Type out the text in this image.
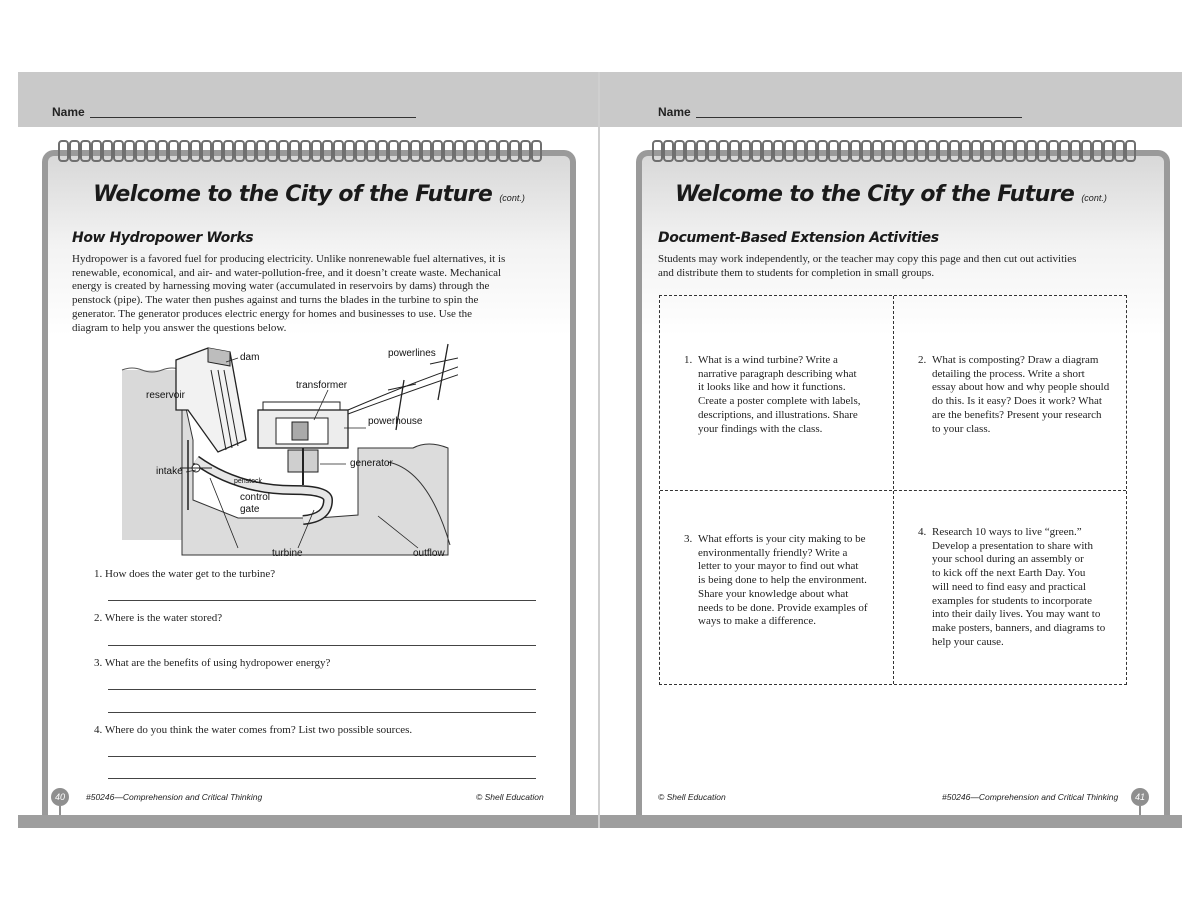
Name
Welcome to the City of the Future (cont.)
How Hydropower Works
Hydropower is a favored fuel for producing electricity. Unlike nonrenewable fuel alternatives, it is
renewable, economical, and air- and water-pollution-free, and it doesn’t create waste. Mechanical
energy is created by harnessing moving water (accumulated in reservoirs by dams) through the
penstock (pipe). The water then pushes against and turns the blades in the turbine to spin the
generator. The generator produces electric energy for homes and businesses to use. Use the
diagram to help you answer the questions below.
dam	powerlines
transformer
reservoir
powerhouse
generator
intake
penstock
control
gate
turbine	outflow
1. How does the water get to the turbine?
2. Where is the water stored?
3. What are the benefits of using hydropower energy?
4. Where do you think the water comes from? List two possible sources.
40	#50246—Comprehension and Critical Thinking	© Shell Education
Name
Welcome to the City of the Future (cont.)
Document-Based Extension Activities
Students may work independently, or the teacher may copy this page and then cut out activities
and distribute them to students for completion in small groups.
1. What is a wind turbine? Write a
narrative paragraph describing what
it looks like and how it functions.
Create a poster complete with labels,
descriptions, and illustrations. Share
your findings with the class.
2. What is composting? Draw a diagram
detailing the process. Write a short
essay about how and why people should
do this. Is it easy? Does it work? What
are the benefits? Present your research
to your class.
3. What efforts is your city making to be
environmentally friendly? Write a
letter to your mayor to find out what
is being done to help the environment.
Share your knowledge about what
needs to be done. Provide examples of
ways to make a difference.
4. Research 10 ways to live “green.”
Develop a presentation to share with
your school during an assembly or
to kick off the next Earth Day. You
will need to find easy and practical
examples for students to incorporate
into their daily lives. You may want to
make posters, banners, and diagrams to
help your cause.
© Shell Education	#50246—Comprehension and Critical Thinking	41
